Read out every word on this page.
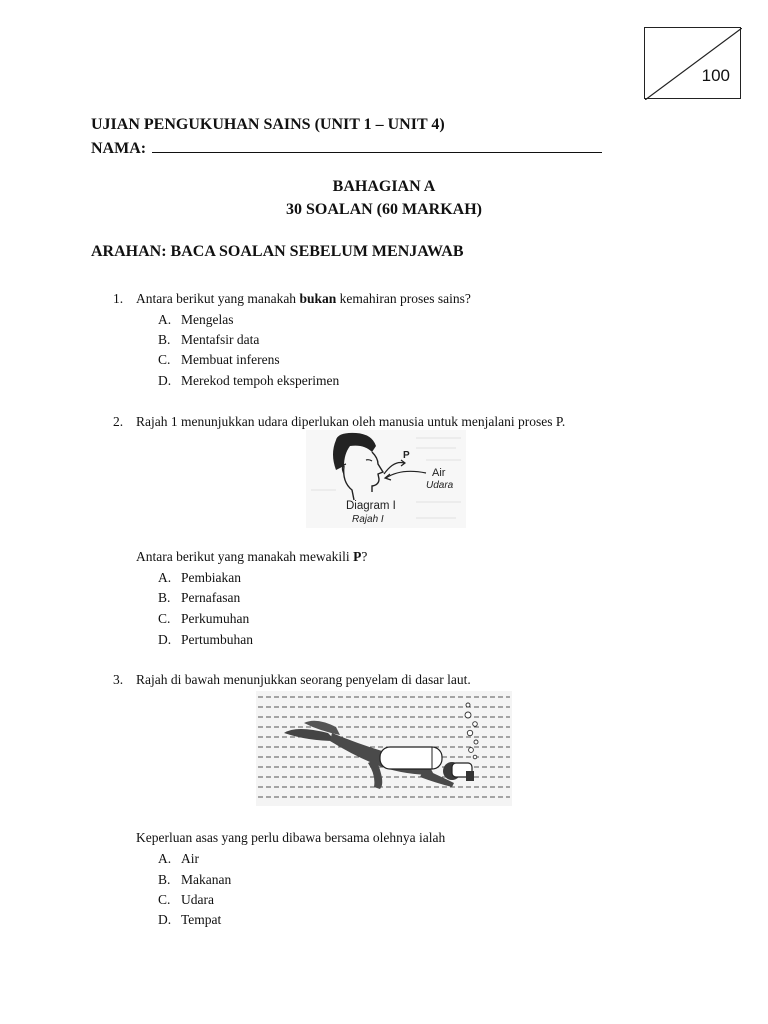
100
UJIAN PENGUKUHAN SAINS (UNIT 1 – UNIT 4)
NAMA:
BAHAGIAN A
30 SOALAN (60 MARKAH)
ARAHAN: BACA SOALAN SEBELUM MENJAWAB
1. Antara berikut yang manakah bukan kemahiran proses sains?
A. Mengelas
B. Mentafsir data
C. Membuat inferens
D. Merekod tempoh eksperimen
2. Rajah 1 menunjukkan udara diperlukan oleh manusia untuk menjalani proses P.
P
Air
Udara
Diagram I
Rajah I
Antara berikut yang manakah mewakili P?
A. Pembiakan
B. Pernafasan
C. Perkumuhan
D. Pertumbuhan
3. Rajah di bawah menunjukkan seorang penyelam di dasar laut.
Keperluan asas yang perlu dibawa bersama olehnya ialah
A. Air
B. Makanan
C. Udara
D. Tempat
